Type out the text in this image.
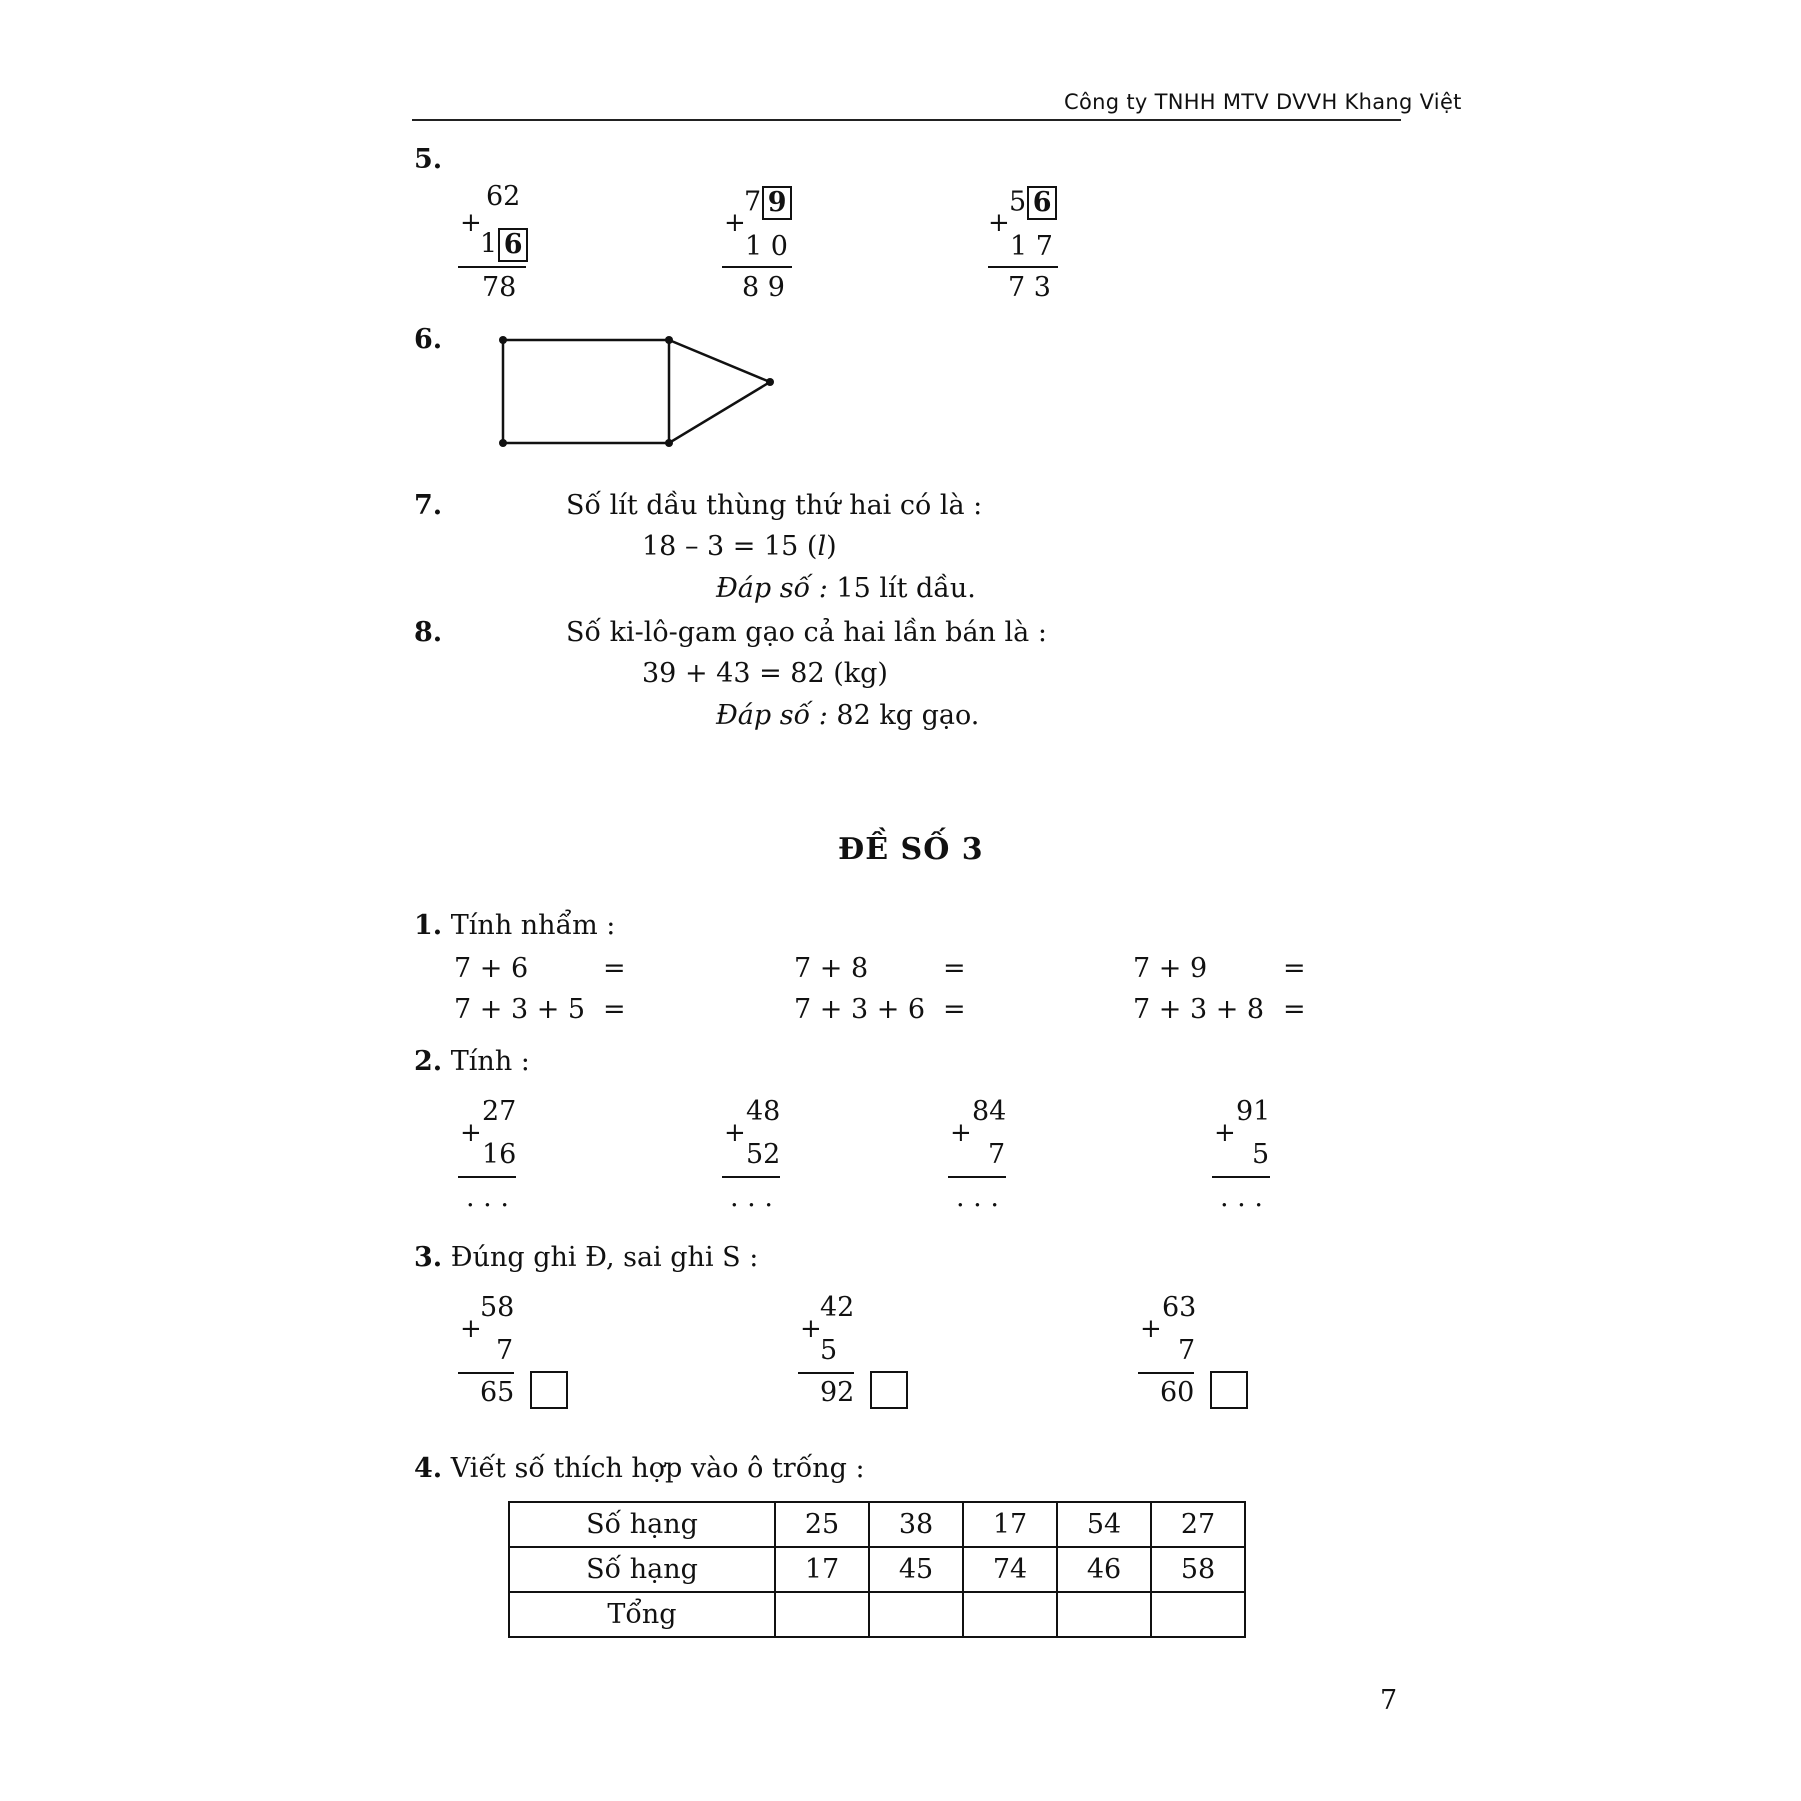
Công ty TNHH MTV DVVH Khang Việt
5.
62
+
1 6
78
7 9
+
1 0
8 9
5 6
+
1 7
7 3
6.
7.	Số lít dầu thùng thứ hai có là :
18 – 3 = 15 (l)
Đáp số : 15 lít dầu.
8.	Số ki-lô-gam gạo cả hai lần bán là :
39 + 43 = 82 (kg)
Đáp số : 82 kg gạo.
ĐỀ SỐ 3
1. Tính nhẩm :
7 + 6	=	7 + 8	=	7 + 9	=
7 + 3 + 5 =	7 + 3 + 6 =	7 + 3 + 8 =
2. Tính :
27
+
16
. . .
48
+
52
. . .
84
+
7
. . .
91
+
5
. . .
3. Đúng ghi Đ, sai ghi S :
58
+
7
65
42
+
5
92
63
+
7
60
4. Viết số thích hợp vào ô trống :
Số hạng	25	38	17	54	27
Số hạng	17	45	74	46	58
Tổng					
7
